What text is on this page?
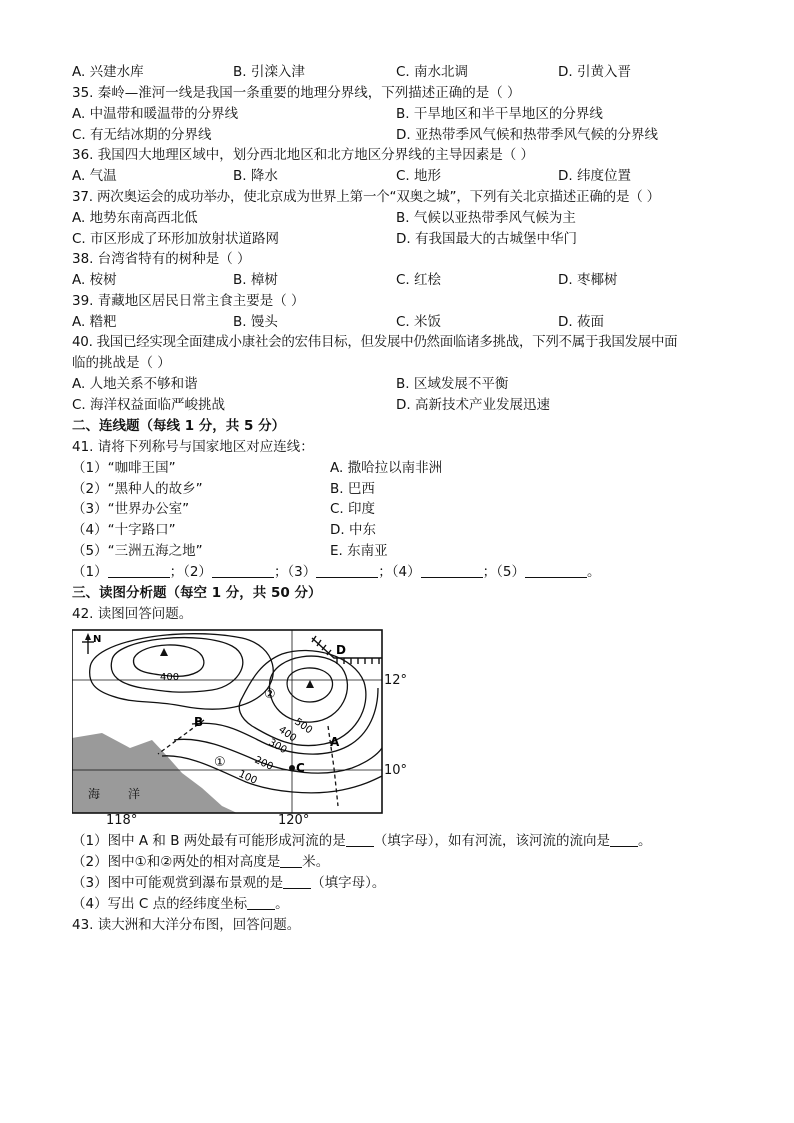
A. 兴建水库	B. 引滦入津	C. 南水北调	D. 引黄入晋
35. 秦岭—淮河一线是我国一条重要的地理分界线，下列描述正确的是（ ）
A. 中温带和暖温带的分界线	B. 干旱地区和半干旱地区的分界线
C. 有无结冰期的分界线	D. 亚热带季风气候和热带季风气候的分界线
36. 我国四大地理区域中，划分西北地区和北方地区分界线的主导因素是（ ）
A. 气温	B. 降水	C. 地形	D. 纬度位置
37. 两次奥运会的成功举办，使北京成为世界上第一个“双奥之城”，下列有关北京描述正确的是（ ）
A. 地势东南高西北低	B. 气候以亚热带季风气候为主
C. 市区形成了环形加放射状道路网	D. 有我国最大的古城堡中华门
38. 台湾省特有的树种是（ ）
A. 桉树	B. 樟树	C. 红桧	D. 枣椰树
39. 青藏地区居民日常主食主要是（ ）
A. 糌粑	B. 馒头	C. 米饭	D. 莜面
40. 我国已经实现全面建成小康社会的宏伟目标，但发展中仍然面临诸多挑战，下列不属于我国发展中面
临的挑战是（ ）
A. 人地关系不够和谐	B. 区域发展不平衡
C. 海洋权益面临严峻挑战	D. 高新技术产业发展迅速
二、连线题（每线 1 分，共 5 分）
41. 请将下列称号与国家地区对应连线：
（1）“咖啡王国”	A. 撒哈拉以南非洲
（2）“黑种人的故乡”	B. 巴西
（3）“世界办公室”	C. 印度
（4）“十字路口”	D. 中东
（5）“三洲五海之地”	E. 东南亚
（1）	；（2）	；（3）	；（4）	；（5）	。
三、读图分析题（每空 1 分，共 50 分）
42. 读图回答问题。
N
400
500
400
300
200
100
D
②
B
A
①	C
海 洋
12°
10°
118°	120°
（1）图中 A 和 B 两处最有可能形成河流的是 （填字母），如有河流，该河流的流向是 。
（2）图中①和②两处的相对高度是 米。
（3）图中可能观赏到瀑布景观的是 （填字母）。
（4）写出 C 点的经纬度坐标 。
43. 读大洲和大洋分布图，回答问题。
